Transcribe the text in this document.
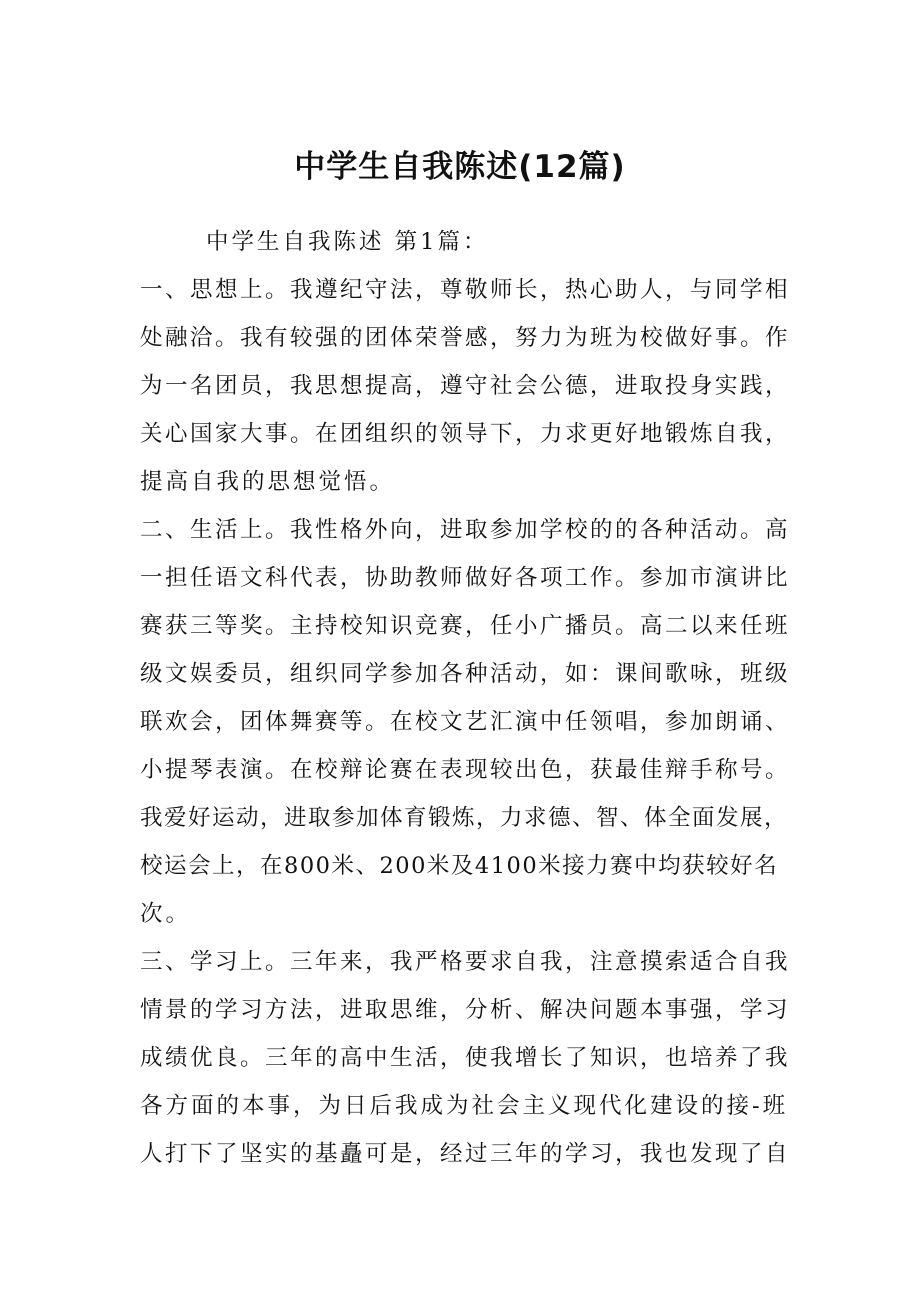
中学生自我陈述(12篇)
中学生自我陈述 第1篇：
一、思想上。我遵纪守法，尊敬师长，热心助人，与同学相
处融洽。我有较强的团体荣誉感，努力为班为校做好事。作
为一名团员，我思想提高，遵守社会公德，进取投身实践，
关心国家大事。在团组织的领导下，力求更好地锻炼自我，
提高自我的思想觉悟。
二、生活上。我性格外向，进取参加学校的的各种活动。高
一担任语文科代表，协助教师做好各项工作。参加市演讲比
赛获三等奖。主持校知识竞赛，任小广播员。高二以来任班
级文娱委员，组织同学参加各种活动，如：课间歌咏，班级
联欢会，团体舞赛等。在校文艺汇演中任领唱，参加朗诵、
小提琴表演。在校辩论赛在表现较出色，获最佳辩手称号。
我爱好运动，进取参加体育锻炼，力求德、智、体全面发展，
校运会上，在800米、200米及4100米接力赛中均获较好名
次。
三、学习上。三年来，我严格要求自我，注意摸索适合自我
情景的学习方法，进取思维，分析、解决问题本事强，学习
成绩优良。三年的高中生活，使我增长了知识，也培养了我
各方面的本事，为日后我成为社会主义现代化建设的接-班
人打下了坚实的基矗可是，经过三年的学习，我也发现了自
